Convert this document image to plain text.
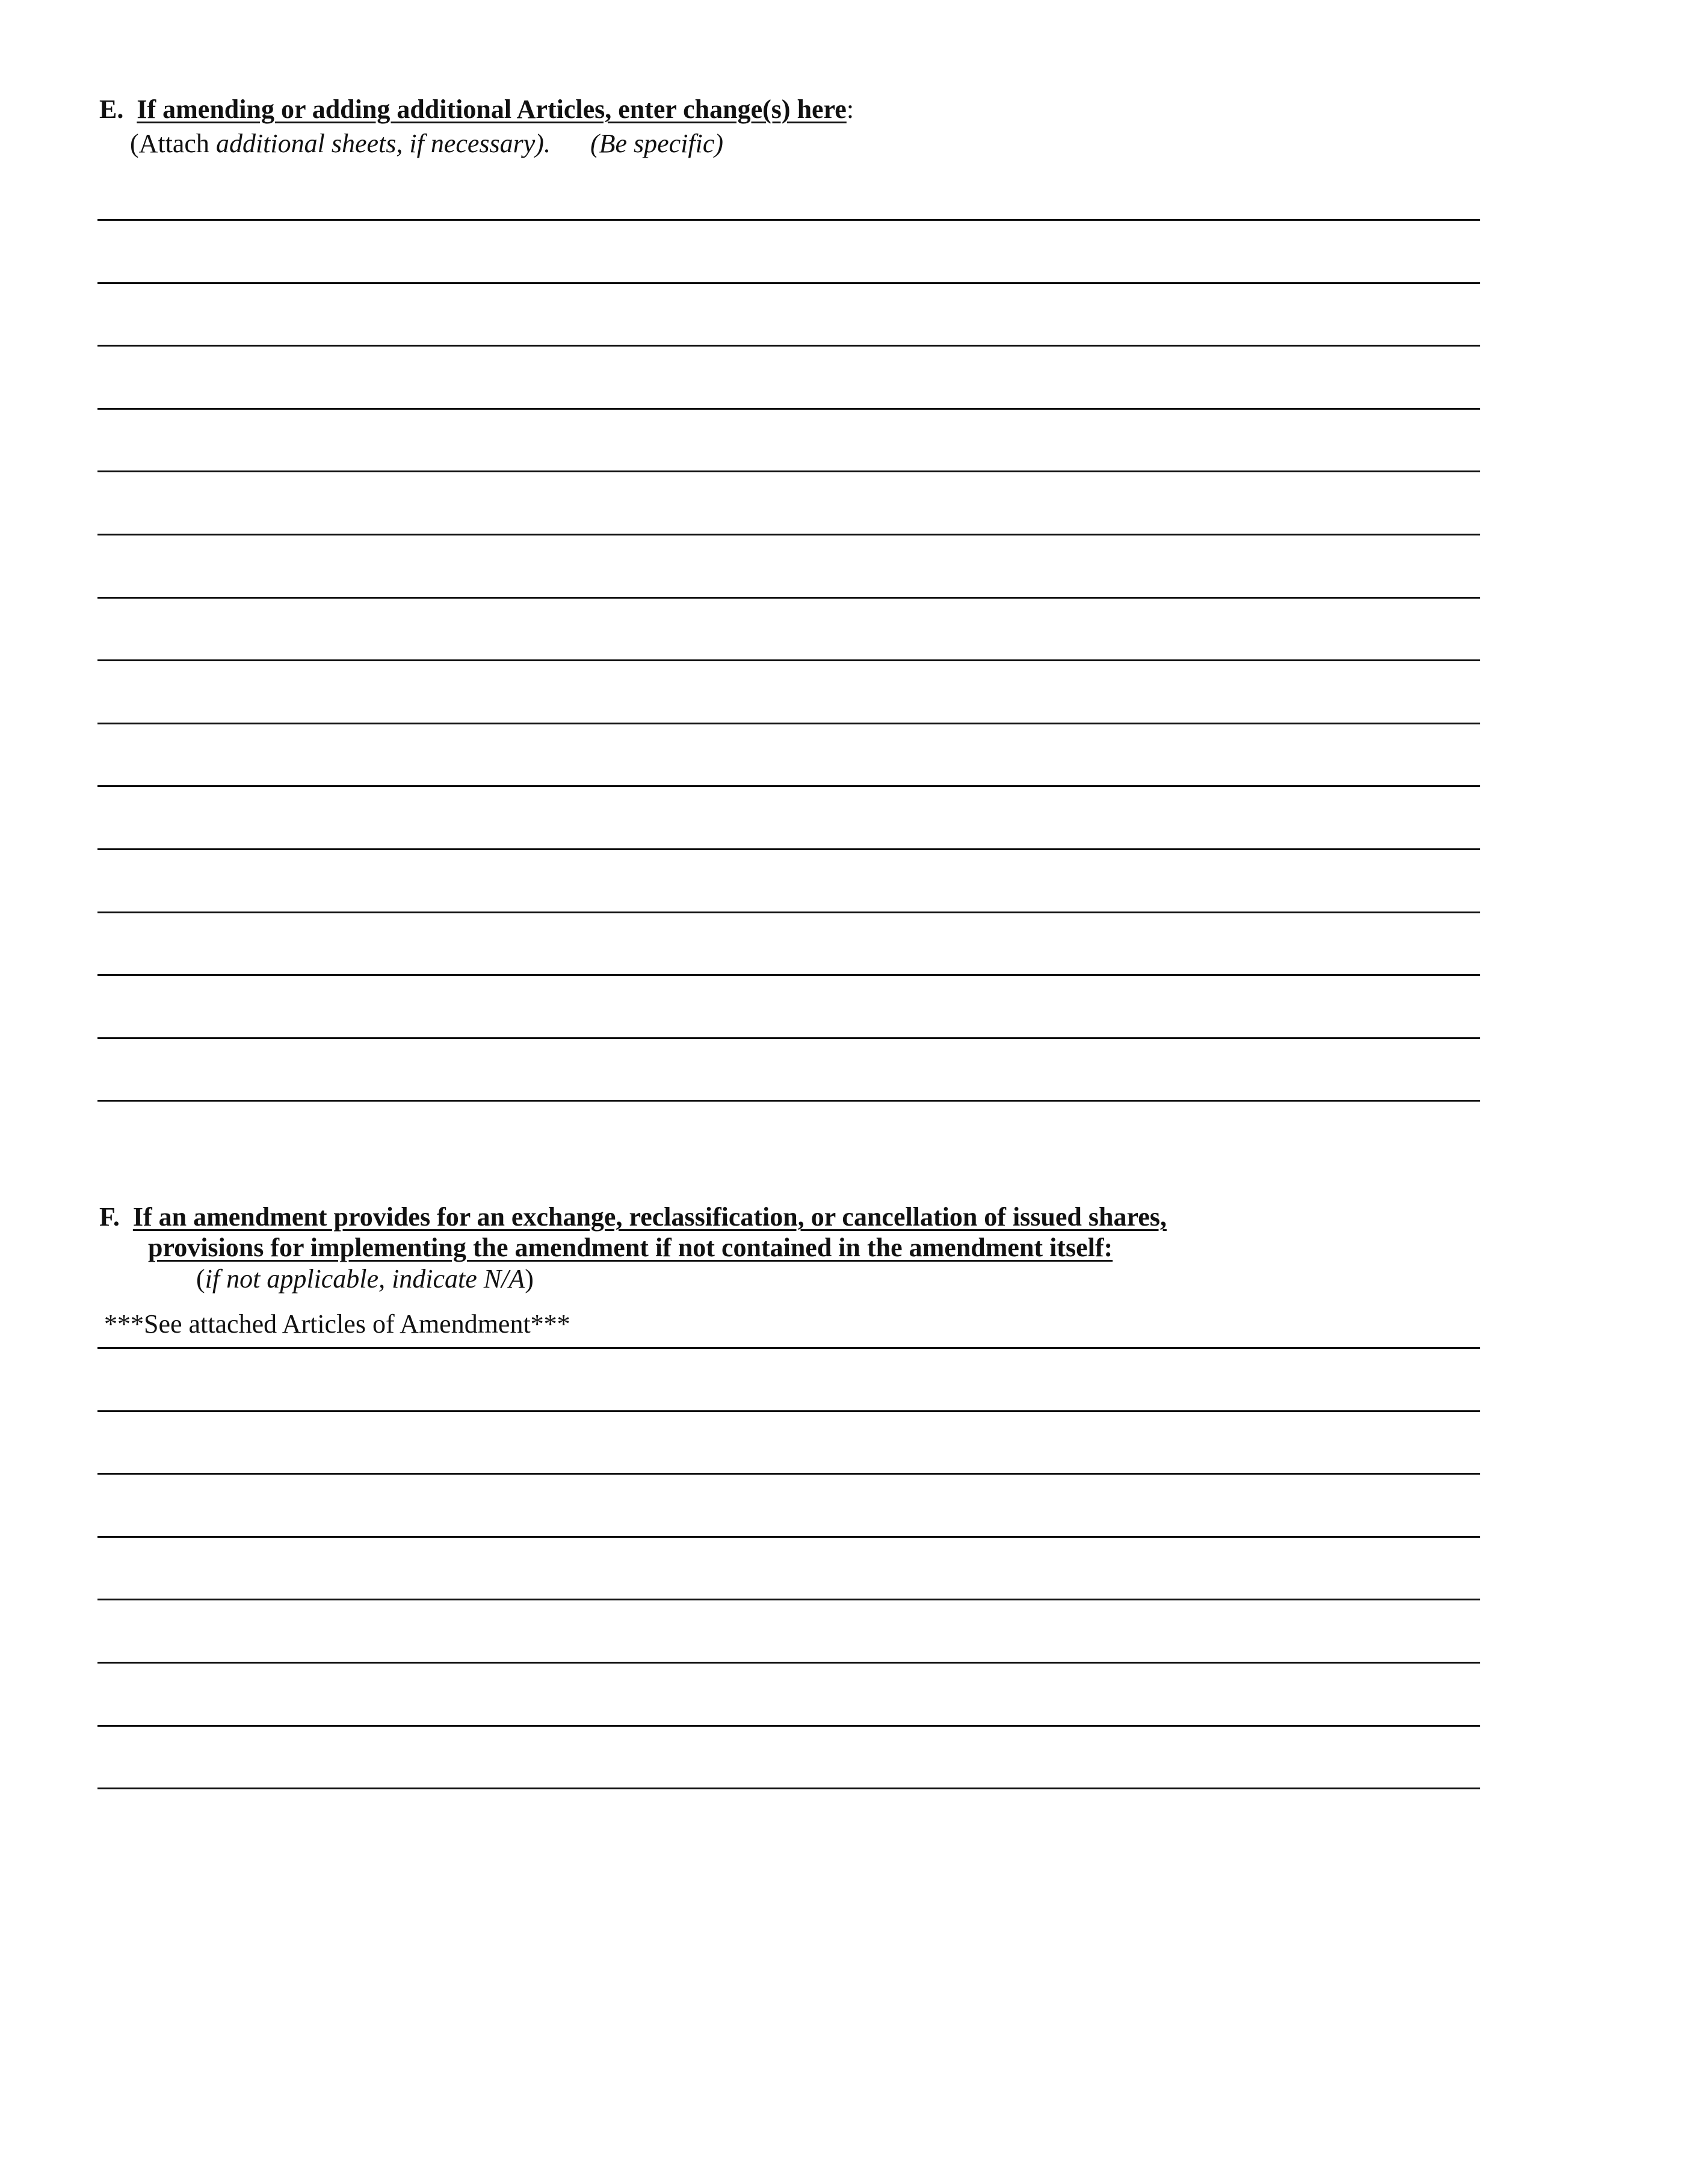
E. If amending or adding additional Articles, enter change(s) here:
(Attach additional sheets, if necessary). (Be specific)
F. If an amendment provides for an exchange, reclassification, or cancellation of issued shares,
provisions for implementing the amendment if not contained in the amendment itself:
(if not applicable, indicate N/A)
***See attached Articles of Amendment***
